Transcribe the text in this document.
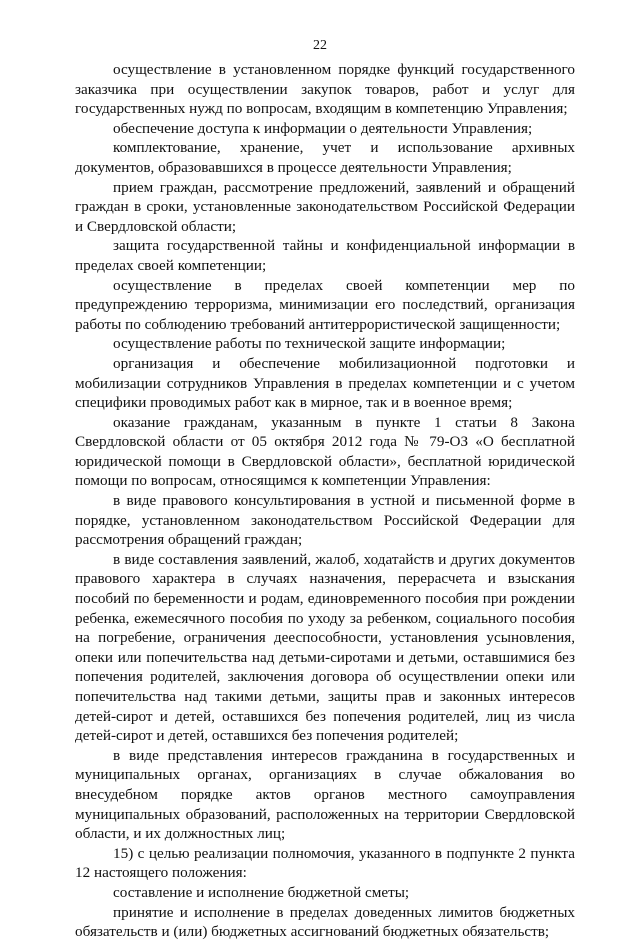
22

осуществление в установленном порядке функций государственного заказчика при осуществлении закупок товаров, работ и услуг для государственных нужд по вопросам, входящим в компетенцию Управления;

обеспечение доступа к информации о деятельности Управления;

комплектование, хранение, учет и использование архивных документов, образовавшихся в процессе деятельности Управления;

прием граждан, рассмотрение предложений, заявлений и обращений граждан в сроки, установленные законодательством Российской Федерации и Свердловской области;

защита государственной тайны и конфиденциальной информации в пределах своей компетенции;

осуществление в пределах своей компетенции мер по предупреждению терроризма, минимизации его последствий, организация работы по соблюдению требований антитеррористической защищенности;

осуществление работы по технической защите информации;

организация и обеспечение мобилизационной подготовки и мобилизации сотрудников Управления в пределах компетенции и с учетом специфики проводимых работ как в мирное, так и в военное время;

оказание гражданам, указанным в пункте 1 статьи 8 Закона Свердловской области от 05 октября 2012 года № 79-ОЗ «О бесплатной юридической помощи в Свердловской области», бесплатной юридической помощи по вопросам, относящимся к компетенции Управления:

в виде правового консультирования в устной и письменной форме в порядке, установленном законодательством Российской Федерации для рассмотрения обращений граждан;

в виде составления заявлений, жалоб, ходатайств и других документов правового характера в случаях назначения, перерасчета и взыскания пособий по беременности и родам, единовременного пособия при рождении ребенка, ежемесячного пособия по уходу за ребенком, социального пособия на погребение, ограничения дееспособности, установления усыновления, опеки или попечительства над детьми-сиротами и детьми, оставшимися без попечения родителей, заключения договора об осуществлении опеки или попечительства над такими детьми, защиты прав и законных интересов детей-сирот и детей, оставшихся без попечения родителей, лиц из числа детей-сирот и детей, оставшихся без попечения родителей;

в виде представления интересов гражданина в государственных и муниципальных органах, организациях в случае обжалования во внесудебном порядке актов органов местного самоуправления муниципальных образований, расположенных на территории Свердловской области, и их должностных лиц;

15) с целью реализации полномочия, указанного в подпункте 2 пункта 12 настоящего положения:

составление и исполнение бюджетной сметы;

принятие и исполнение в пределах доведенных лимитов бюджетных обязательств и (или) бюджетных ассигнований бюджетных обязательств;
